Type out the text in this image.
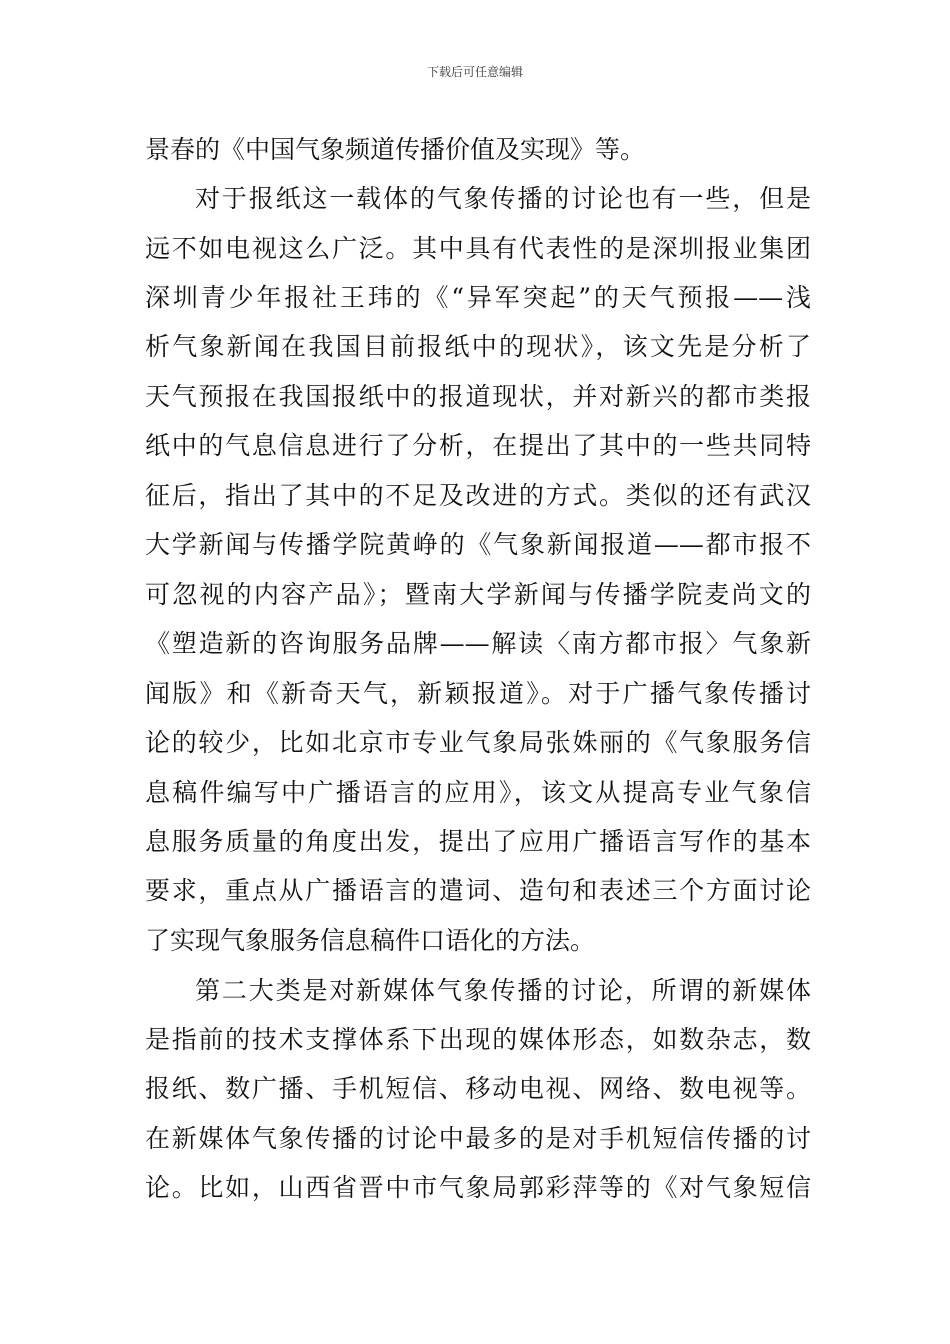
下载后可任意编辑
景春的《中国气象频道传播价值及实现》等。
对于报纸这一载体的气象传播的讨论也有一些，但是
远不如电视这么广泛。其中具有代表性的是深圳报业集团
深圳青少年报社王玮的《“异军突起”的天气预报——浅
析气象新闻在我国目前报纸中的现状》，该文先是分析了
天气预报在我国报纸中的报道现状，并对新兴的都市类报
纸中的气息信息进行了分析，在提出了其中的一些共同特
征后，指出了其中的不足及改进的方式。类似的还有武汉
大学新闻与传播学院黄峥的《气象新闻报道——都市报不
可忽视的内容产品》；暨南大学新闻与传播学院麦尚文的
《塑造新的咨询服务品牌——解读〈南方都市报〉气象新
闻版》和《新奇天气，新颖报道》。对于广播气象传播讨
论的较少，比如北京市专业气象局张姝丽的《气象服务信
息稿件编写中广播语言的应用》，该文从提高专业气象信
息服务质量的角度出发，提出了应用广播语言写作的基本
要求，重点从广播语言的遣词、造句和表述三个方面讨论
了实现气象服务信息稿件口语化的方法。
第二大类是对新媒体气象传播的讨论，所谓的新媒体
是指前的技术支撑体系下出现的媒体形态，如数杂志，数
报纸、数广播、手机短信、移动电视、网络、数电视等。
在新媒体气象传播的讨论中最多的是对手机短信传播的讨
论。比如，山西省晋中市气象局郭彩萍等的《对气象短信
